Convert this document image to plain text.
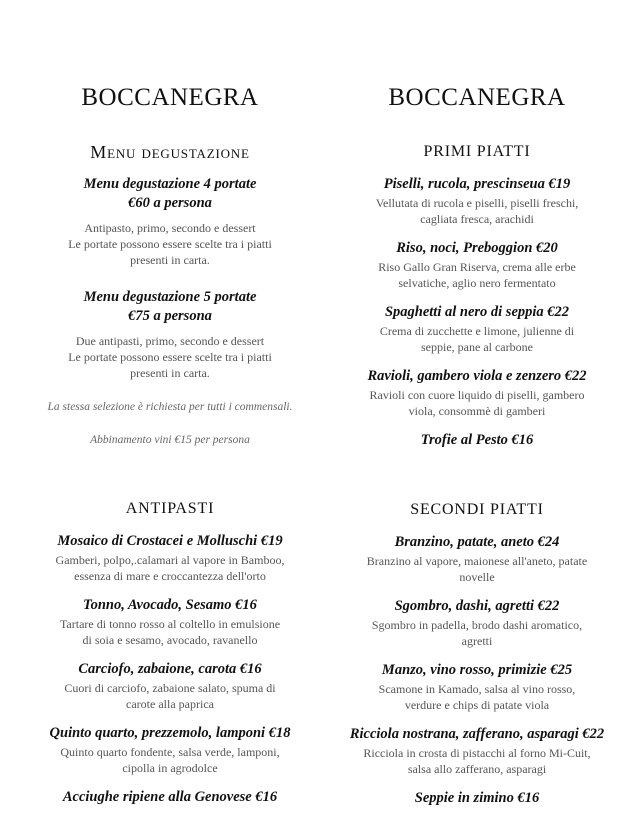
BOCCANEGRA
Menu degustazione
Menu degustazione 4 portate
€60 a persona
Antipasto, primo, secondo e dessert
Le portate possono essere scelte tra i piatti
presenti in carta.
Menu degustazione 5 portate
€75 a persona
Due antipasti, primo, secondo e dessert
Le portate possono essere scelte tra i piatti
presenti in carta.
La stessa selezione è richiesta per tutti i commensali.
Abbinamento vini €15 per persona
ANTIPASTI
Mosaico di Crostacei e Molluschi €19
Gamberi, polpo,.calamari al vapore in Bamboo,
essenza di mare e croccantezza dell'orto
Tonno, Avocado, Sesamo €16
Tartare di tonno rosso al coltello in emulsione
di soia e sesamo, avocado, ravanello
Carciofo, zabaione, carota €16
Cuori di carciofo, zabaione salato, spuma di
carote alla paprica
Quinto quarto, prezzemolo, lamponi €18
Quinto quarto fondente, salsa verde, lamponi,
cipolla in agrodolce
Acciughe ripiene alla Genovese €16
BOCCANEGRA
PRIMI PIATTI
Piselli, rucola, prescinseua €19
Vellutata di rucola e piselli, piselli freschi,
cagliata fresca, arachidi
Riso, noci, Preboggion €20
Riso Gallo Gran Riserva, crema alle erbe
selvatiche, aglio nero fermentato
Spaghetti al nero di seppia €22
Crema di zucchette e limone, julienne di
seppie, pane al carbone
Ravioli, gambero viola e zenzero €22
Ravioli con cuore liquido di piselli, gambero
viola, consommè di gamberi
Trofie al Pesto €16
SECONDI PIATTI
Branzino, patate, aneto €24
Branzino al vapore, maionese all'aneto, patate
novelle
Sgombro, dashi, agretti €22
Sgombro in padella, brodo dashi aromatico,
agretti
Manzo, vino rosso, primizie €25
Scamone in Kamado, salsa al vino rosso,
verdure e chips di patate viola
Ricciola nostrana, zafferano, asparagi €22
Ricciola in crosta di pistacchi al forno Mi-Cuit,
salsa allo zafferano, asparagi
Seppie in zimino €16
